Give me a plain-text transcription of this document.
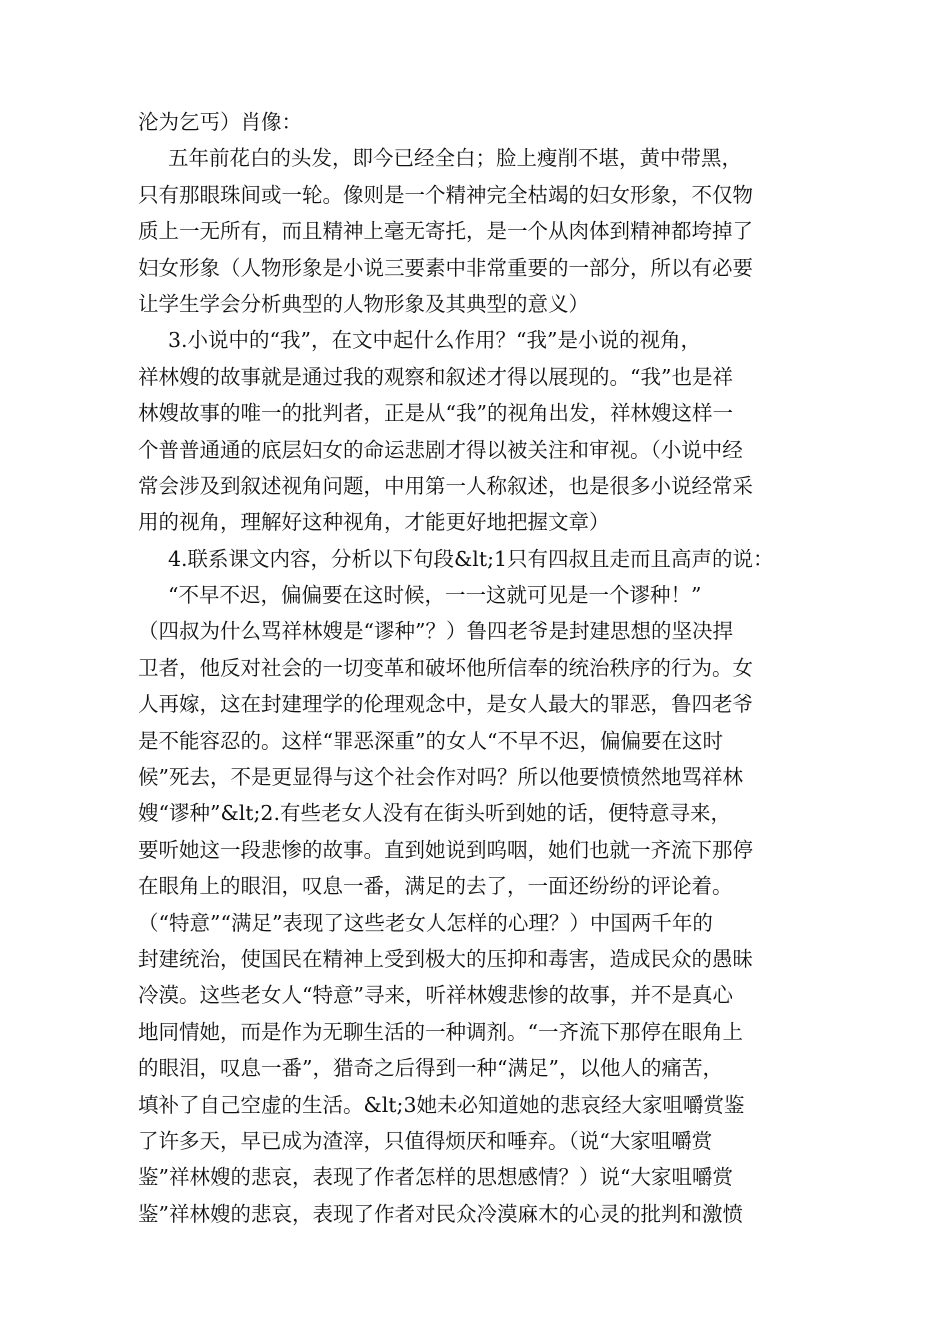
沦为乞丐）肖像：
五年前花白的头发，即今已经全白；脸上瘦削不堪，黄中带黑，
只有那眼珠间或一轮。像则是一个精神完全枯竭的妇女形象，不仅物
质上一无所有，而且精神上毫无寄托，是一个从肉体到精神都垮掉了
妇女形象（人物形象是小说三要素中非常重要的一部分，所以有必要
让学生学会分析典型的人物形象及其典型的意义）
3.小说中的“我”，在文中起什么作用？“我”是小说的视角，
祥林嫂的故事就是通过我的观察和叙述才得以展现的。“我”也是祥
林嫂故事的唯一的批判者，正是从“我”的视角出发，祥林嫂这样一
个普普通通的底层妇女的命运悲剧才得以被关注和审视。（小说中经
常会涉及到叙述视角问题，中用第一人称叙述，也是很多小说经常采
用的视角，理解好这种视角，才能更好地把握文章）
4.联系课文内容，分析以下句段&lt;1只有四叔且走而且高声的说：
“不早不迟，偏偏要在这时候，一一这就可见是一个谬种！”
（四叔为什么骂祥林嫂是“谬种”？）鲁四老爷是封建思想的坚决捍
卫者，他反对社会的一切变革和破坏他所信奉的统治秩序的行为。女
人再嫁，这在封建理学的伦理观念中，是女人最大的罪恶，鲁四老爷
是不能容忍的。这样“罪恶深重”的女人“不早不迟，偏偏要在这时
候”死去，不是更显得与这个社会作对吗？所以他要愤愤然地骂祥林
嫂“谬种”&lt;2.有些老女人没有在街头听到她的话，便特意寻来，
要听她这一段悲惨的故事。直到她说到呜咽，她们也就一齐流下那停
在眼角上的眼泪，叹息一番，满足的去了，一面还纷纷的评论着。
（“特意”“满足”表现了这些老女人怎样的心理？）中国两千年的
封建统治，使国民在精神上受到极大的压抑和毒害，造成民众的愚昧
冷漠。这些老女人“特意”寻来，听祥林嫂悲惨的故事，并不是真心
地同情她，而是作为无聊生活的一种调剂。“一齐流下那停在眼角上
的眼泪，叹息一番”，猎奇之后得到一种“满足”，以他人的痛苦，
填补了自己空虚的生活。&lt;3她未必知道她的悲哀经大家咀嚼赏鉴
了许多天，早已成为渣滓，只值得烦厌和唾弃。（说“大家咀嚼赏
鉴”祥林嫂的悲哀，表现了作者怎样的思想感情？）说“大家咀嚼赏
鉴”祥林嫂的悲哀，表现了作者对民众冷漠麻木的心灵的批判和激愤
